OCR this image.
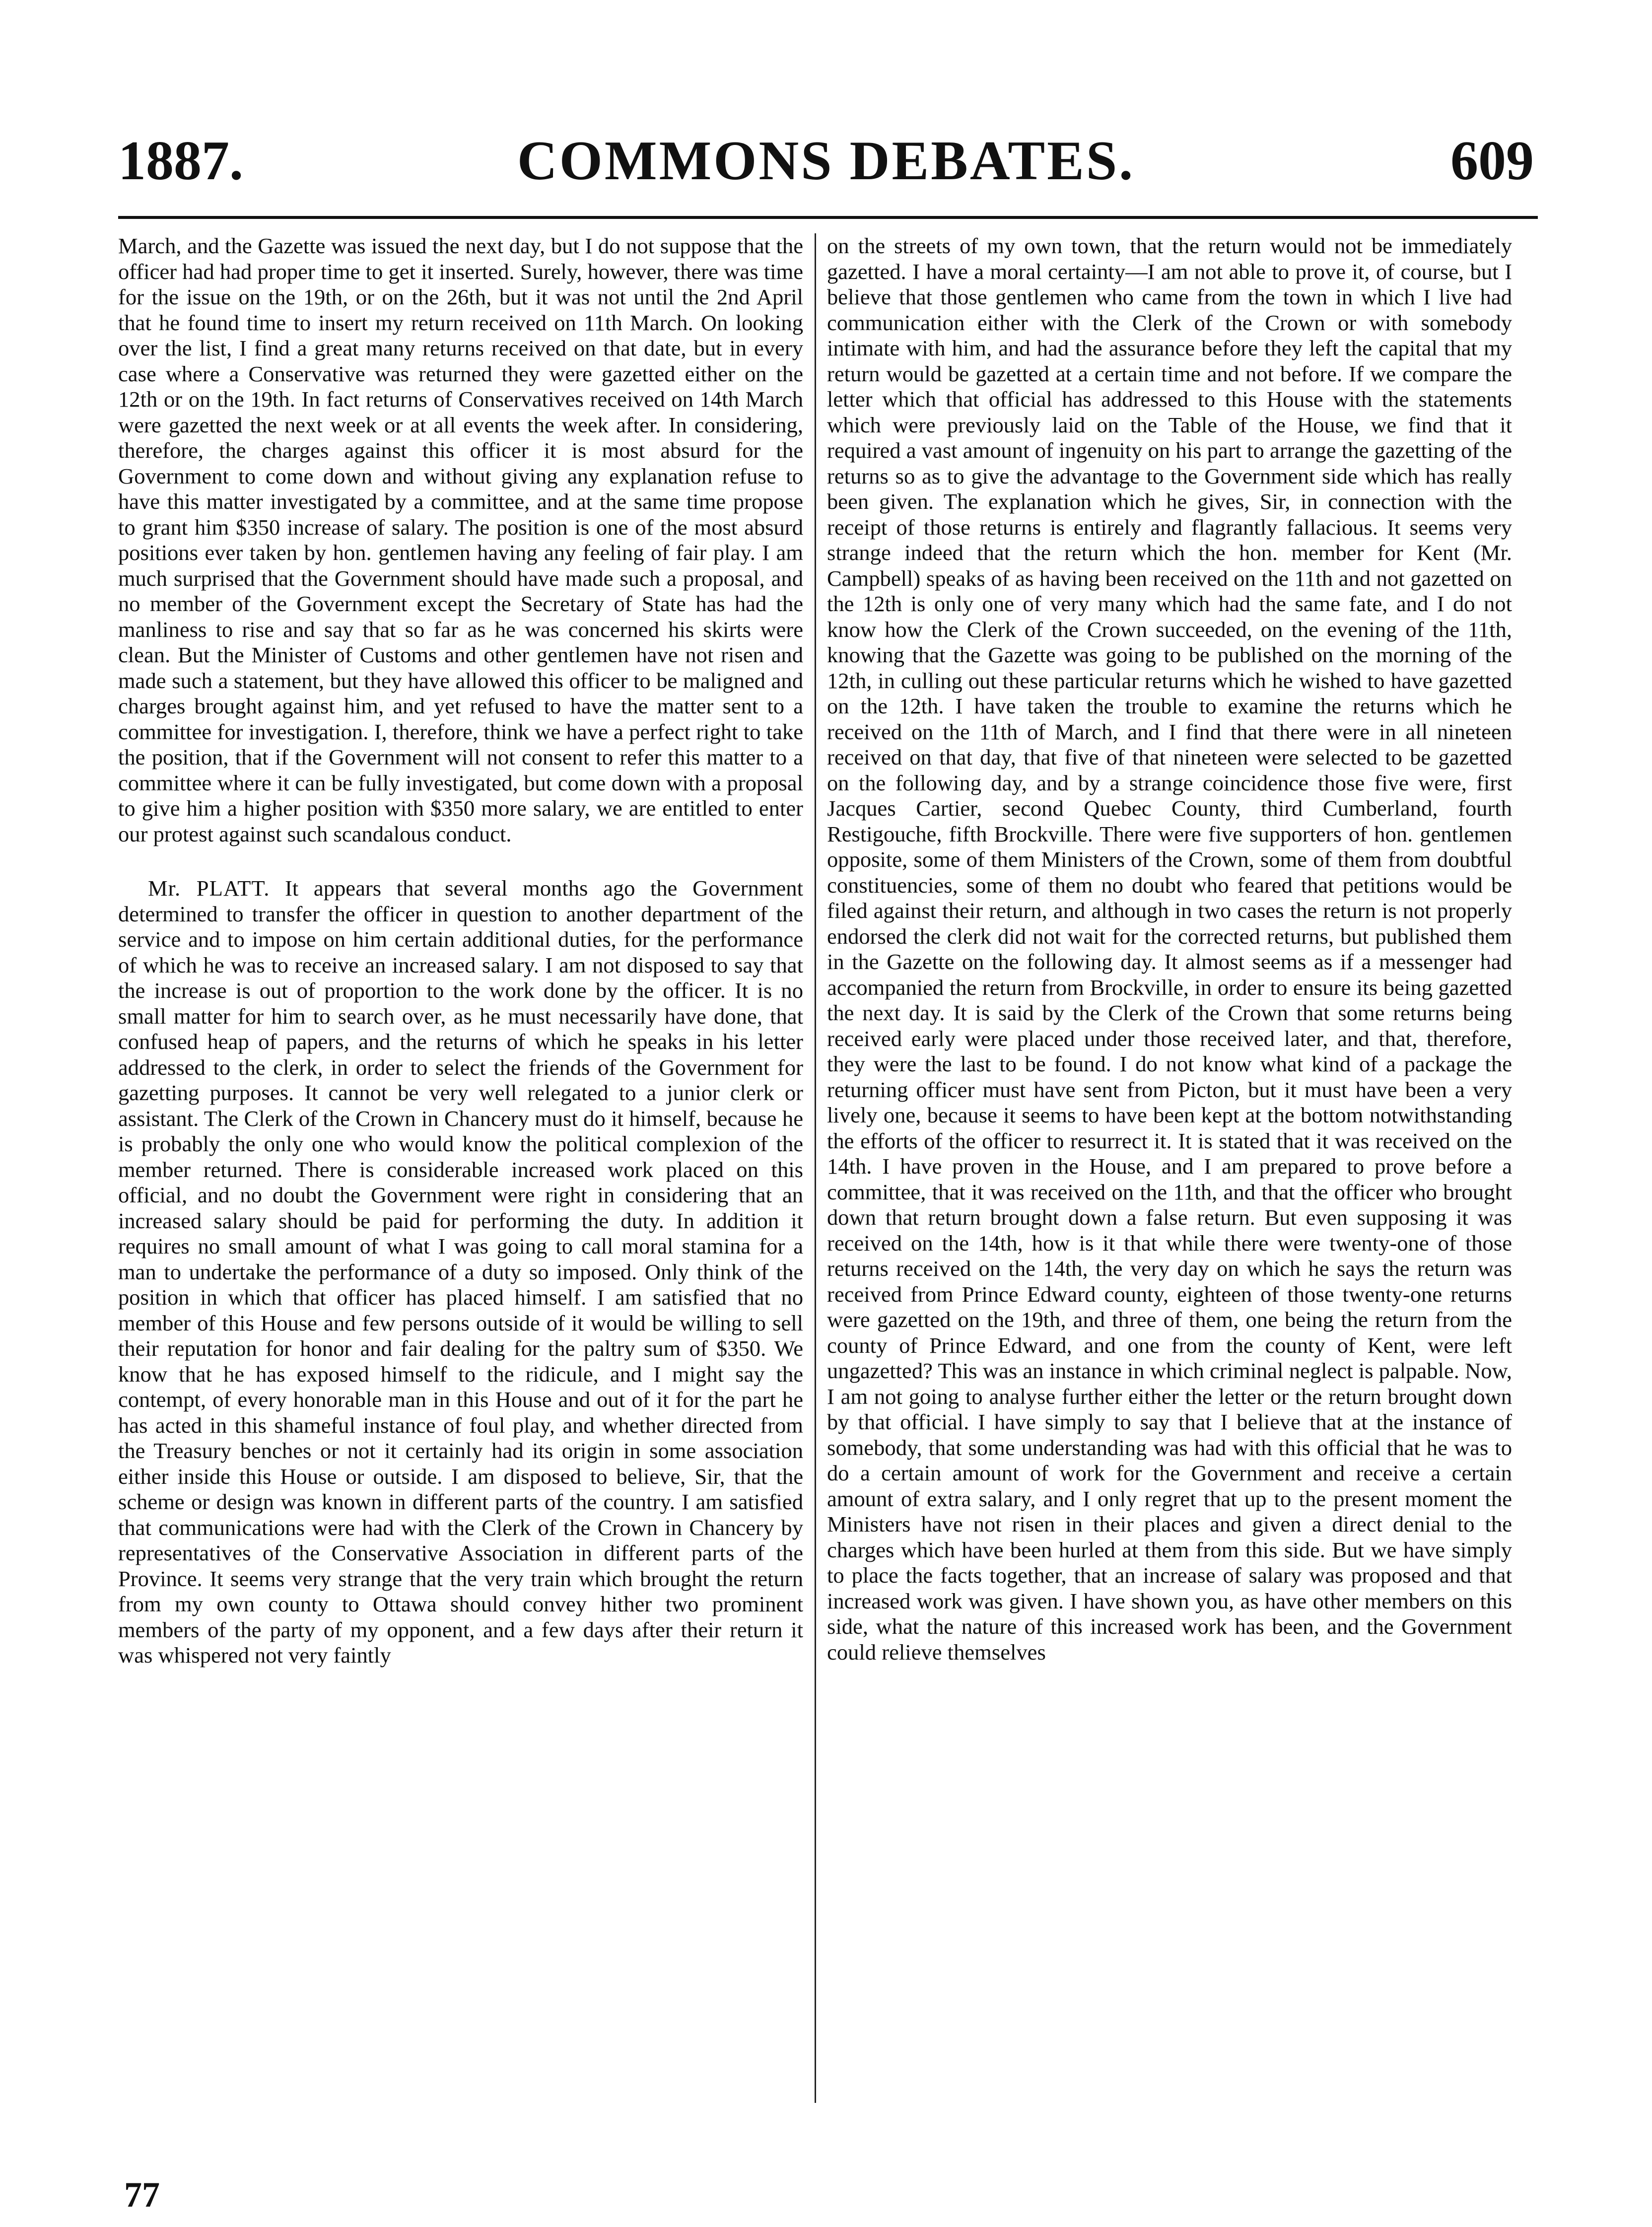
1887.	COMMONS DEBATES.	609

March, and the Gazette was issued the next day, but I do not suppose that the officer had had proper time to get it inserted. Surely, however, there was time for the issue on the 19th, or on the 26th, but it was not until the 2nd April that he found time to insert my return received on 11th March. On looking over the list, I find a great many returns received on that date, but in every case where a Conservative was returned they were gazetted either on the 12th or on the 19th. In fact returns of Conservatives received on 14th March were gazetted the next week or at all events the week after. In considering, therefore, the charges against this officer it is most absurd for the Government to come down and without giving any explanation refuse to have this matter investigated by a committee, and at the same time propose to grant him $350 increase of salary. The position is one of the most absurd positions ever taken by hon. gentlemen having any feeling of fair play. I am much surprised that the Government should have made such a proposal, and no member of the Government except the Secretary of State has had the manliness to rise and say that so far as he was concerned his skirts were clean. But the Minister of Customs and other gentlemen have not risen and made such a statement, but they have allowed this officer to be maligned and charges brought against him, and yet refused to have the matter sent to a committee for investigation. I, therefore, think we have a perfect right to take the position, that if the Government will not consent to refer this matter to a committee where it can be fully investigated, but come down with a proposal to give him a higher position with $350 more salary, we are entitled to enter our protest against such scandalous conduct.

Mr. PLATT. It appears that several months ago the Government determined to transfer the officer in question to another department of the service and to impose on him certain additional duties, for the performance of which he was to receive an increased salary. I am not disposed to say that the increase is out of proportion to the work done by the officer. It is no small matter for him to search over, as he must necessarily have done, that confused heap of papers, and the returns of which he speaks in his letter addressed to the clerk, in order to select the friends of the Government for gazetting purposes. It cannot be very well relegated to a junior clerk or assistant. The Clerk of the Crown in Chancery must do it himself, because he is probably the only one who would know the political complexion of the member returned. There is considerable increased work placed on this official, and no doubt the Government were right in considering that an increased salary should be paid for performing the duty. In addition it requires no small amount of what I was going to call moral stamina for a man to undertake the performance of a duty so imposed. Only think of the position in which that officer has placed himself. I am satisfied that no member of this House and few persons outside of it would be willing to sell their reputation for honor and fair dealing for the paltry sum of $350. We know that he has exposed himself to the ridicule, and I might say the contempt, of every honorable man in this House and out of it for the part he has acted in this shameful instance of foul play, and whether directed from the Treasury benches or not it certainly had its origin in some association either inside this House or outside. I am disposed to believe, Sir, that the scheme or design was known in different parts of the country. I am satisfied that communications were had with the Clerk of the Crown in Chancery by representatives of the Conservative Association in different parts of the Province. It seems very strange that the very train which brought the return from my own county to Ottawa should convey hither two prominent members of the party of my opponent, and a few days after their return it was whispered not very faintly

on the streets of my own town, that the return would not be immediately gazetted. I have a moral certainty—I am not able to prove it, of course, but I believe that those gentlemen who came from the town in which I live had communication either with the Clerk of the Crown or with somebody intimate with him, and had the assurance before they left the capital that my return would be gazetted at a certain time and not before. If we compare the letter which that official has addressed to this House with the statements which were previously laid on the Table of the House, we find that it required a vast amount of ingenuity on his part to arrange the gazetting of the returns so as to give the advantage to the Government side which has really been given. The explanation which he gives, Sir, in connection with the receipt of those returns is entirely and flagrantly fallacious. It seems very strange indeed that the return which the hon. member for Kent (Mr. Campbell) speaks of as having been received on the 11th and not gazetted on the 12th is only one of very many which had the same fate, and I do not know how the Clerk of the Crown succeeded, on the evening of the 11th, knowing that the Gazette was going to be published on the morning of the 12th, in culling out these particular returns which he wished to have gazetted on the 12th. I have taken the trouble to examine the returns which he received on the 11th of March, and I find that there were in all nineteen received on that day, that five of that nineteen were selected to be gazetted on the following day, and by a strange coincidence those five were, first Jacques Cartier, second Quebec County, third Cumberland, fourth Restigouche, fifth Brockville. There were five supporters of hon. gentlemen opposite, some of them Ministers of the Crown, some of them from doubtful constituencies, some of them no doubt who feared that petitions would be filed against their return, and although in two cases the return is not properly endorsed the clerk did not wait for the corrected returns, but published them in the Gazette on the following day. It almost seems as if a messenger had accompanied the return from Brockville, in order to ensure its being gazetted the next day. It is said by the Clerk of the Crown that some returns being received early were placed under those received later, and that, therefore, they were the last to be found. I do not know what kind of a package the returning officer must have sent from Picton, but it must have been a very lively one, because it seems to have been kept at the bottom notwithstanding the efforts of the officer to resurrect it. It is stated that it was received on the 14th. I have proven in the House, and I am prepared to prove before a committee, that it was received on the 11th, and that the officer who brought down that return brought down a false return. But even supposing it was received on the 14th, how is it that while there were twenty-one of those returns received on the 14th, the very day on which he says the return was received from Prince Edward county, eighteen of those twenty-one returns were gazetted on the 19th, and three of them, one being the return from the county of Prince Edward, and one from the county of Kent, were left ungazetted? This was an instance in which criminal neglect is palpable. Now, I am not going to analyse further either the letter or the return brought down by that official. I have simply to say that I believe that at the instance of somebody, that some understanding was had with this official that he was to do a certain amount of work for the Government and receive a certain amount of extra salary, and I only regret that up to the present moment the Ministers have not risen in their places and given a direct denial to the charges which have been hurled at them from this side. But we have simply to place the facts together, that an increase of salary was proposed and that increased work was given. I have shown you, as have other members on this side, what the nature of this increased work has been, and the Government could relieve themselves

77
